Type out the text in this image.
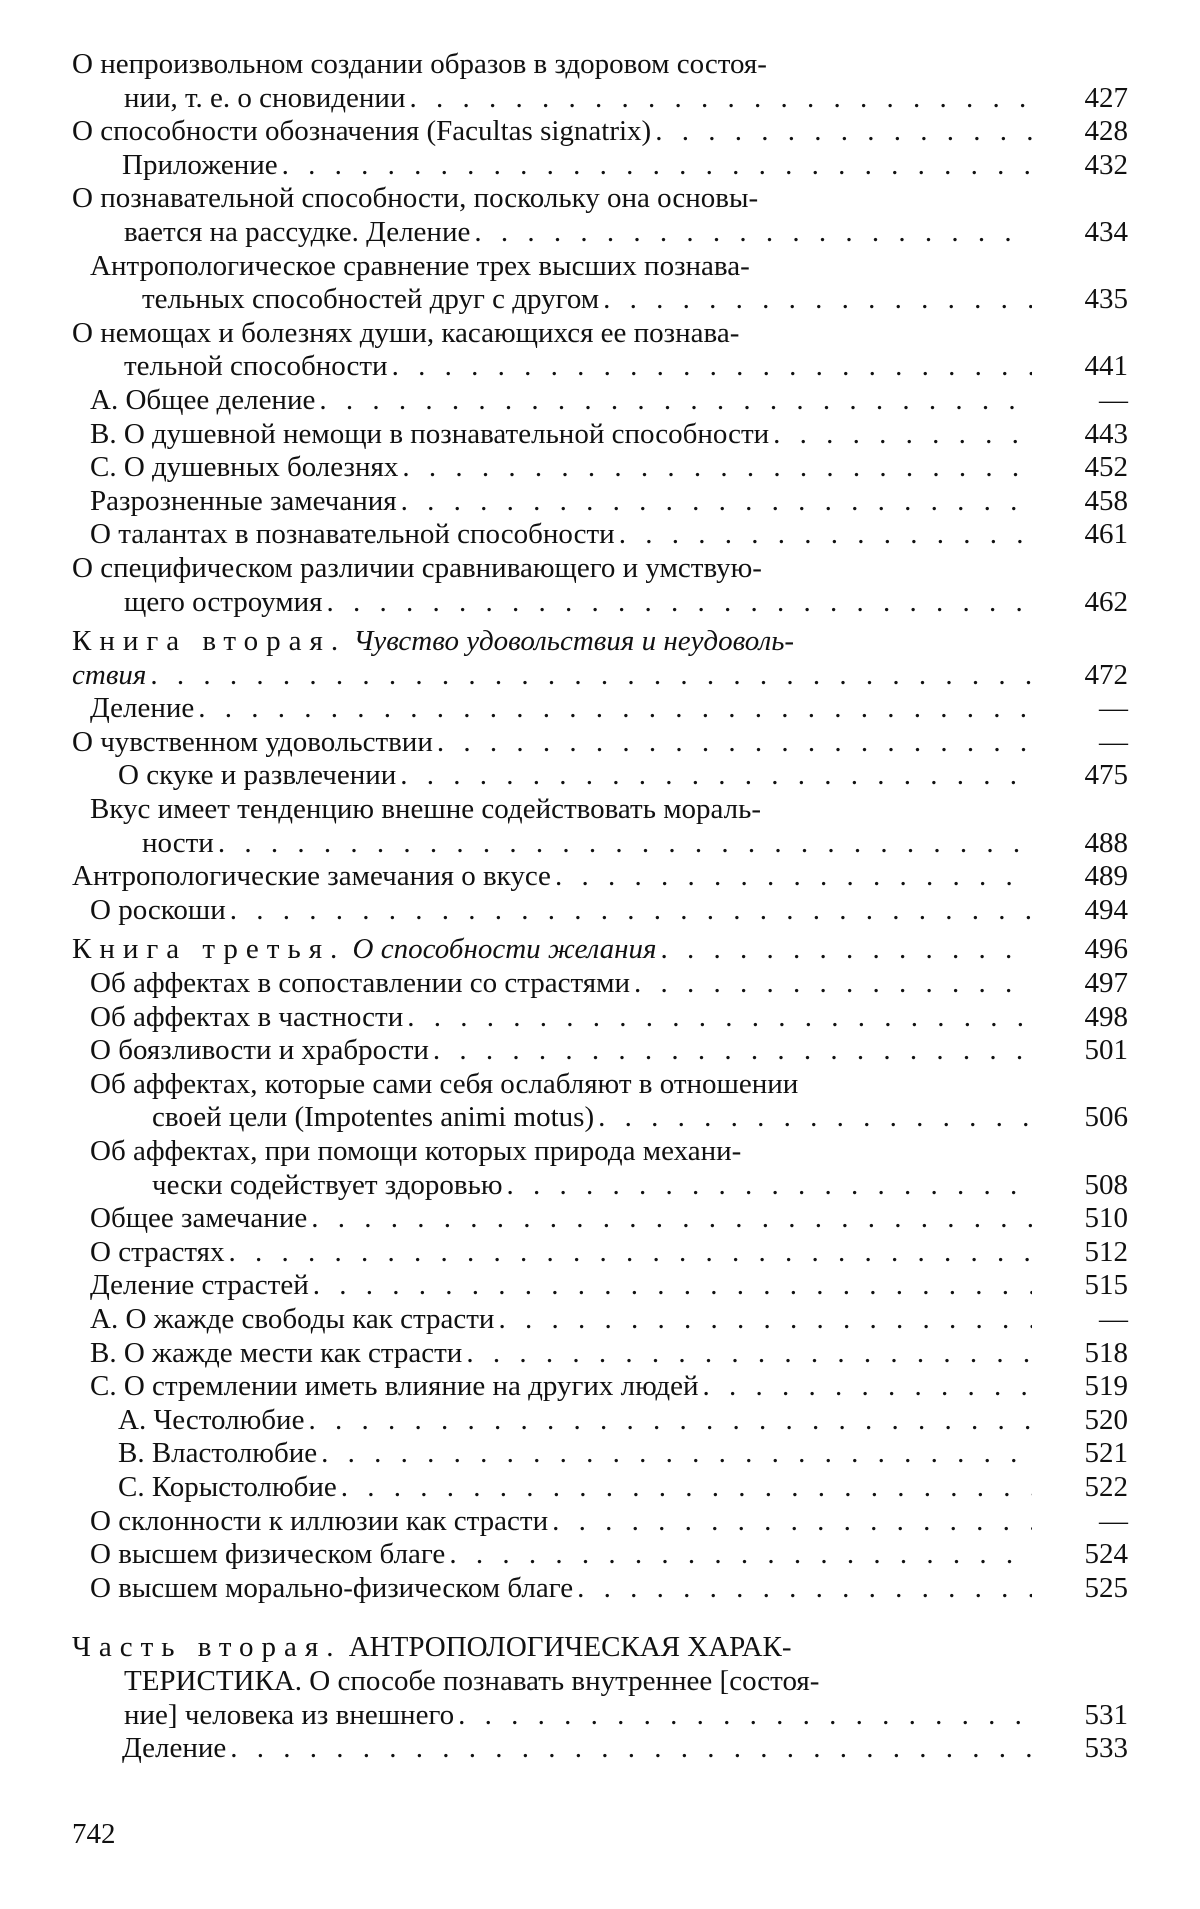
О непроизвольном создании образов в здоровом состоя-
нии, т. е. о сновидении . . .	427
О способности обозначения (Facultas signatrix) . . .	428
Приложение . . .	432
О познавательной способности, поскольку она основы-
вается на рассудке. Деление . . .	434
Антропологическое сравнение трех высших познава-
тельных способностей друг с другом . . .	435
О немощах и болезнях души, касающихся ее познава-
тельной способности . . .	441
А. Общее деление . . .	—
В. О душевной немощи в познавательной способности . . .	443
С. О душевных болезнях . . .	452
Разрозненные замечания . . .	458
О талантах в познавательной способности . . .	461
О специфическом различии сравнивающего и умствую-
щего остроумия . . .	462
Книга вторая. Чувство удовольствия и неудоволь-
ствия . . .	472
Деление . . .	—
О чувственном удовольствии . . .	—
О скуке и развлечении . . .	475
Вкус имеет тенденцию внешне содействовать мораль-
ности . . .	488
Антропологические замечания о вкусе . . .	489
О роскоши . . .	494
Книга третья. О способности желания . . .	496
Об аффектах в сопоставлении со страстями . . .	497
Об аффектах в частности . . .	498
О боязливости и храбрости . . .	501
Об аффектах, которые сами себя ослабляют в отношении
своей цели (Impotentes animi motus) . . .	506
Об аффектах, при помощи которых природа механи-
чески содействует здоровью . . .	508
Общее замечание . . .	510
О страстях . . .	512
Деление страстей . . .	515
А. О жажде свободы как страсти . . .	—
В. О жажде мести как страсти . . .	518
С. О стремлении иметь влияние на других людей . . .	519
А. Честолюбие . . .	520
В. Властолюбие . . .	521
С. Корыстолюбие . . .	522
О склонности к иллюзии как страсти . . .	—
О высшем физическом благе . . .	524
О высшем морально-физическом благе . . .	525
Часть вторая. АНТРОПОЛОГИЧЕСКАЯ ХАРАК-
ТЕРИСТИКА. О способе познавать внутреннее [состоя-
ние] человека из внешнего . . .	531
Деление . . .	533
742
